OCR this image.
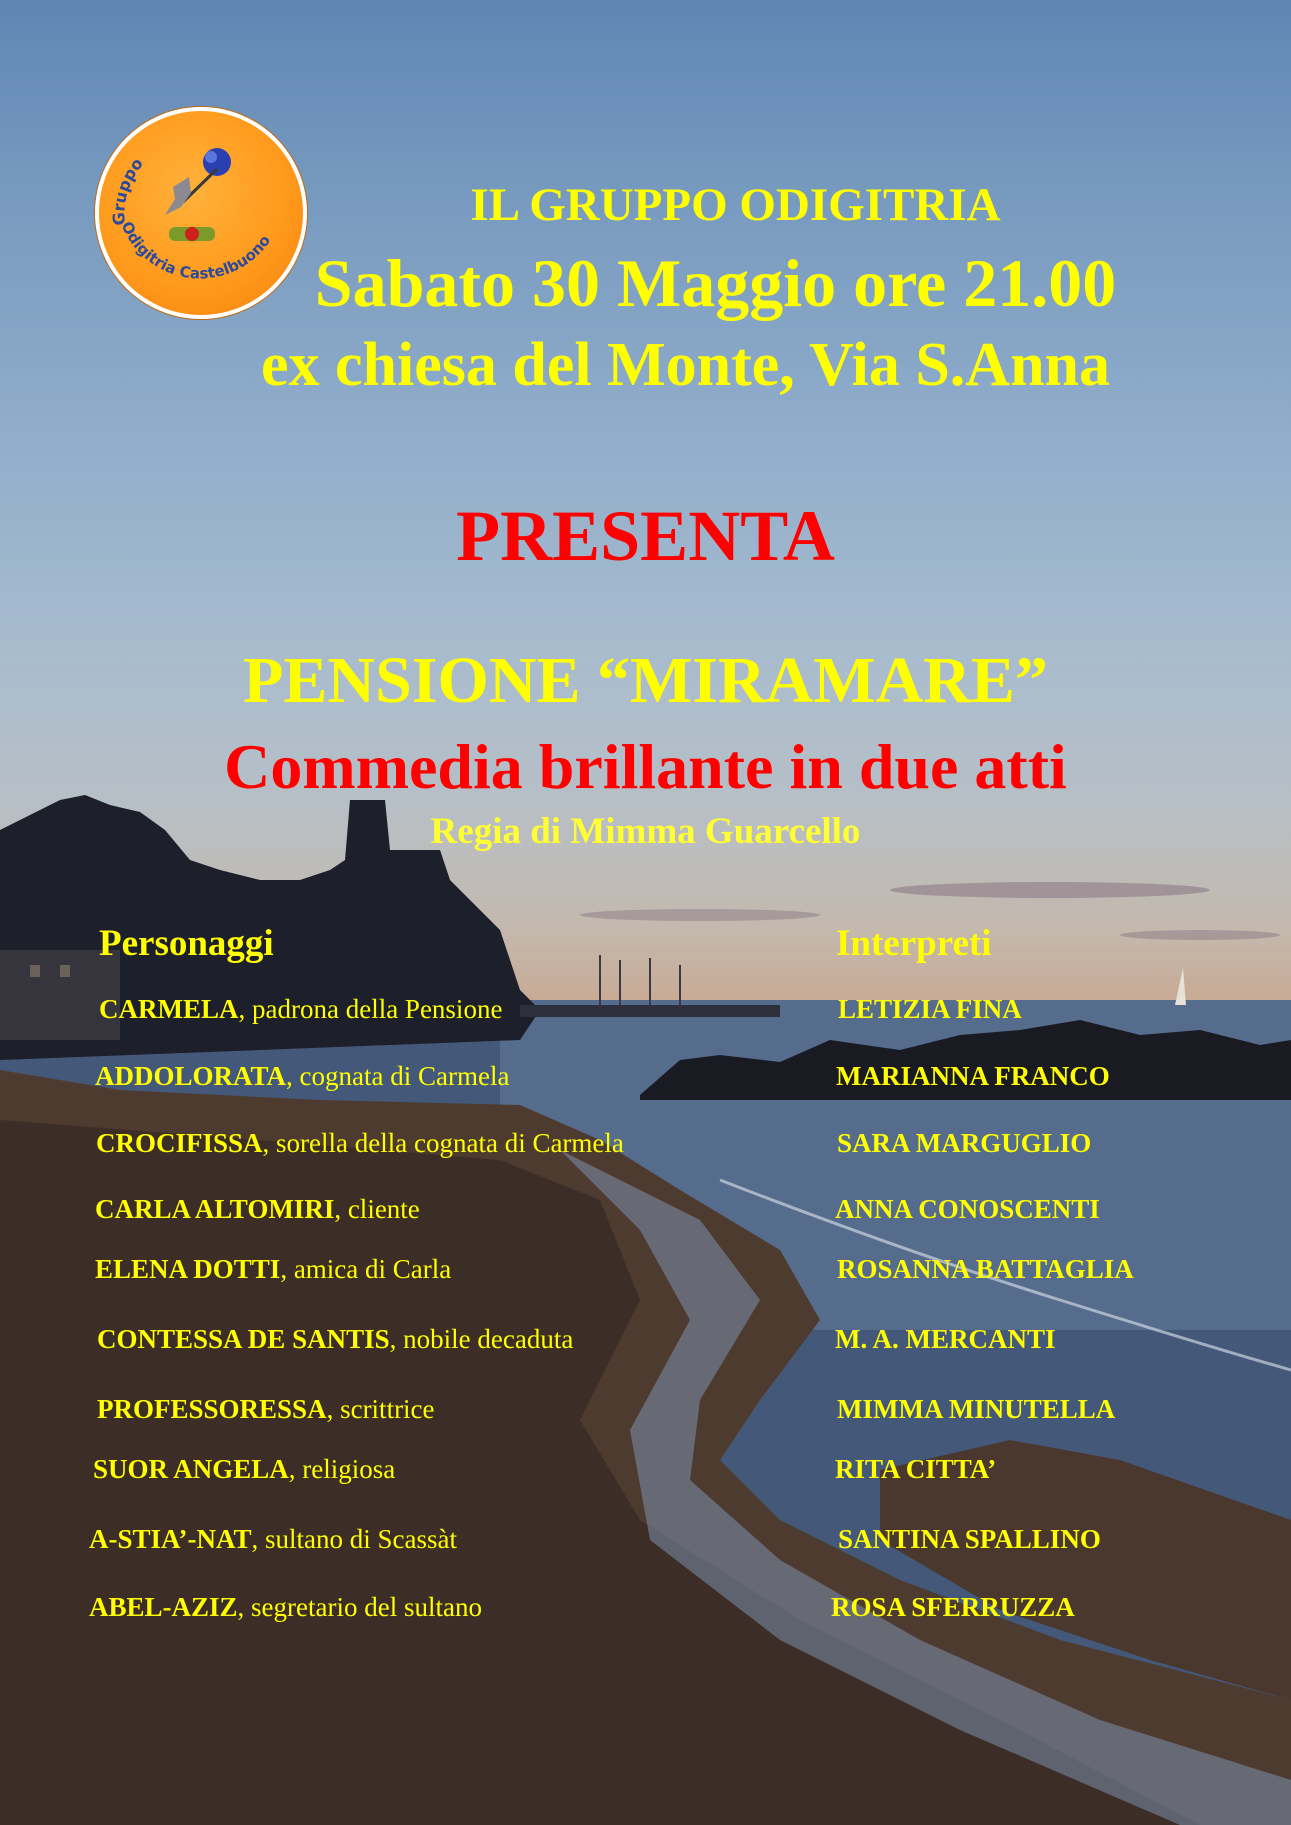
Gruppo
Odigitria Castelbuono

IL GRUPPO ODIGITRIA

Sabato 30 Maggio ore 21.00

ex chiesa del Monte, Via S.Anna

PRESENTA

PENSIONE “MIRAMARE”

Commedia brillante in due atti

Regia di Mimma Guarcello

Personaggi	Interpreti
CARMELA, padrona della Pensione	LETIZIA FINA
ADDOLORATA, cognata di Carmela	MARIANNA FRANCO
CROCIFISSA, sorella della cognata di Carmela	SARA MARGUGLIO
CARLA ALTOMIRI, cliente	ANNA CONOSCENTI
ELENA DOTTI, amica di Carla	ROSANNA BATTAGLIA
CONTESSA DE SANTIS, nobile decaduta	M. A. MERCANTI
PROFESSORESSA, scrittrice	MIMMA MINUTELLA
SUOR ANGELA, religiosa	RITA CITTA’
A-STIA’-NAT, sultano di Scassàt	SANTINA SPALLINO
ABEL-AZIZ, segretario del sultano	ROSA SFERRUZZA
